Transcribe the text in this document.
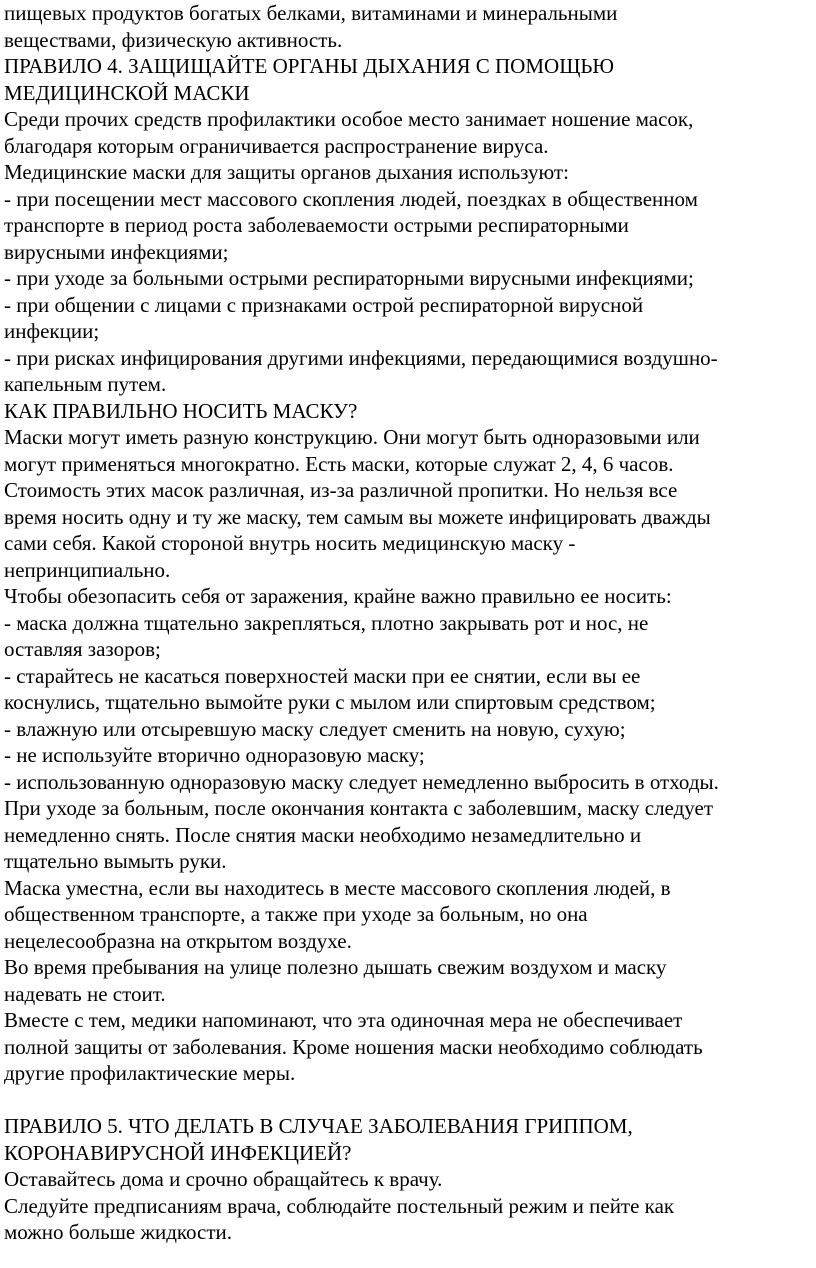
пищевых продуктов богатых белками, витаминами и минеральными
веществами, физическую активность.
ПРАВИЛО 4. ЗАЩИЩАЙТЕ ОРГАНЫ ДЫХАНИЯ С ПОМОЩЬЮ
МЕДИЦИНСКОЙ МАСКИ
Среди прочих средств профилактики особое место занимает ношение масок,
благодаря которым ограничивается распространение вируса.
Медицинские маски для защиты органов дыхания используют:
- при посещении мест массового скопления людей, поездках в общественном
транспорте в период роста заболеваемости острыми респираторными
вирусными инфекциями;
- при уходе за больными острыми респираторными вирусными инфекциями;
- при общении с лицами с признаками острой респираторной вирусной
инфекции;
- при рисках инфицирования другими инфекциями, передающимися воздушно-
капельным путем.
КАК ПРАВИЛЬНО НОСИТЬ МАСКУ?
Маски могут иметь разную конструкцию. Они могут быть одноразовыми или
могут применяться многократно. Есть маски, которые служат 2, 4, 6 часов.
Стоимость этих масок различная, из-за различной пропитки. Но нельзя все
время носить одну и ту же маску, тем самым вы можете инфицировать дважды
сами себя. Какой стороной внутрь носить медицинскую маску -
непринципиально.
Чтобы обезопасить себя от заражения, крайне важно правильно ее носить:
- маска должна тщательно закрепляться, плотно закрывать рот и нос, не
оставляя зазоров;
- старайтесь не касаться поверхностей маски при ее снятии, если вы ее
коснулись, тщательно вымойте руки с мылом или спиртовым средством;
- влажную или отсыревшую маску следует сменить на новую, сухую;
- не используйте вторично одноразовую маску;
- использованную одноразовую маску следует немедленно выбросить в отходы.
При уходе за больным, после окончания контакта с заболевшим, маску следует
немедленно снять. После снятия маски необходимо незамедлительно и
тщательно вымыть руки.
Маска уместна, если вы находитесь в месте массового скопления людей, в
общественном транспорте, а также при уходе за больным, но она
нецелесообразна на открытом воздухе.
Во время пребывания на улице полезно дышать свежим воздухом и маску
надевать не стоит.
Вместе с тем, медики напоминают, что эта одиночная мера не обеспечивает
полной защиты от заболевания. Кроме ношения маски необходимо соблюдать
другие профилактические меры.
ПРАВИЛО 5. ЧТО ДЕЛАТЬ В СЛУЧАЕ ЗАБОЛЕВАНИЯ ГРИППОМ,
КОРОНАВИРУСНОЙ ИНФЕКЦИЕЙ?
Оставайтесь дома и срочно обращайтесь к врачу.
Следуйте предписаниям врача, соблюдайте постельный режим и пейте как
можно больше жидкости.
